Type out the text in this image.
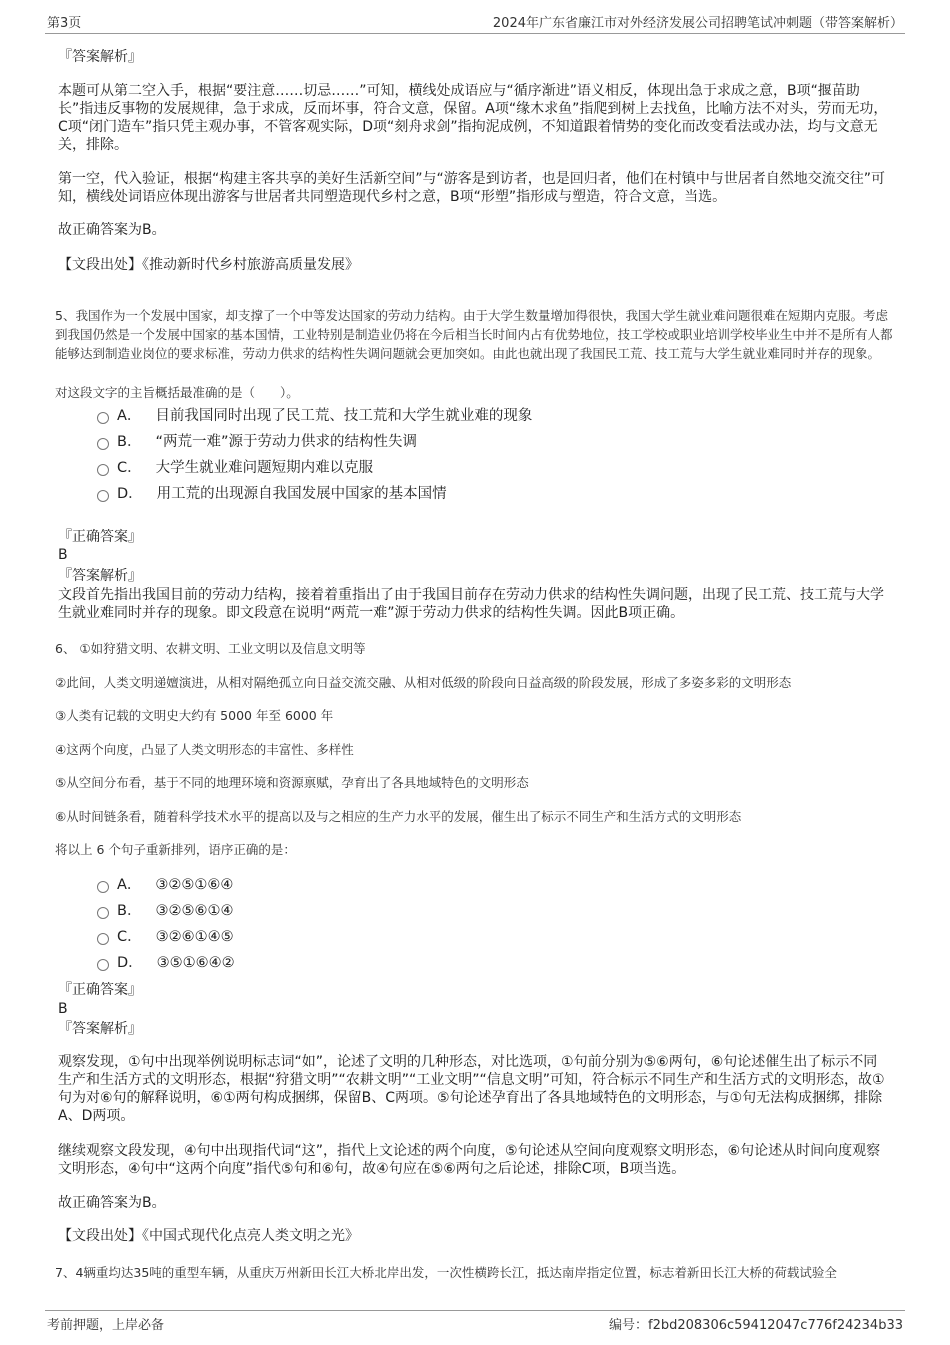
第3页	2024年广东省廉江市对外经济发展公司招聘笔试冲刺题（带答案解析）
『答案解析』

本题可从第二空入手，根据“要注意……切忌……”可知，横线处成语应与“循序渐进”语义相反，体现出急于求成之意，B项“揠苗助长”指违反事物的发展规律，急于求成，反而坏事，符合文意，保留。A项“缘木求鱼”指爬到树上去找鱼，比喻方法不对头，劳而无功，C项“闭门造车”指只凭主观办事，不管客观实际，D项“刻舟求剑”指拘泥成例，不知道跟着情势的变化而改变看法或办法，均与文意无关，排除。

第一空，代入验证，根据“构建主客共享的美好生活新空间”与“游客是到访者，也是回归者，他们在村镇中与世居者自然地交流交往”可知，横线处词语应体现出游客与世居者共同塑造现代乡村之意，B项“形塑”指形成与塑造，符合文意，当选。

故正确答案为B。

【文段出处】《推动新时代乡村旅游高质量发展》

5、我国作为一个发展中国家，却支撑了一个中等发达国家的劳动力结构。由于大学生数量增加得很快，我国大学生就业难问题很难在短期内克服。考虑到我国仍然是一个发展中国家的基本国情，工业特别是制造业仍将在今后相当长时间内占有优势地位，技工学校或职业培训学校毕业生中并不是所有人都能够达到制造业岗位的要求标准，劳动力供求的结构性失调问题就会更加突如。由此也就出现了我国民工荒、技工荒与大学生就业难同时并存的现象。

对这段文字的主旨概括最准确的是（　　）。

A． 目前我国同时出现了民工荒、技工荒和大学生就业难的现象
B． “两荒一难”源于劳动力供求的结构性失调
C． 大学生就业难问题短期内难以克服
D． 用工荒的出现源自我国发展中国家的基本国情
『正确答案』
B
『答案解析』

文段首先指出我国目前的劳动力结构，接着着重指出了由于我国目前存在劳动力供求的结构性失调问题，出现了民工荒、技工荒与大学生就业难同时并存的现象。即文段意在说明“两荒一难”源于劳动力供求的结构性失调。因此B项正确。

6、 ①如狩猎文明、农耕文明、工业文明以及信息文明等

②此间，人类文明递嬗演进，从相对隔绝孤立向日益交流交融、从相对低级的阶段向日益高级的阶段发展，形成了多姿多彩的文明形态

③人类有记载的文明史大约有 5000 年至 6000 年

④这两个向度，凸显了人类文明形态的丰富性、多样性

⑤从空间分布看，基于不同的地理环境和资源禀赋，孕育出了各具地域特色的文明形态

⑥从时间链条看，随着科学技术水平的提高以及与之相应的生产力水平的发展，催生出了标示不同生产和生活方式的文明形态

将以上 6 个句子重新排列，语序正确的是：

A． ③②⑤①⑥④
B． ③②⑤⑥①④
C． ③②⑥①④⑤
D． ③⑤①⑥④②
『正确答案』
B
『答案解析』

观察发现，①句中出现举例说明标志词“如”，论述了文明的几种形态，对比选项，①句前分别为⑤⑥两句，⑥句论述催生出了标示不同生产和生活方式的文明形态，根据“狩猎文明”“农耕文明”“工业文明”“信息文明”可知，符合标示不同生产和生活方式的文明形态，故①句为对⑥句的解释说明，⑥①两句构成捆绑，保留B、C两项。⑤句论述孕育出了各具地域特色的文明形态，与①句无法构成捆绑，排除A、D两项。

继续观察文段发现，④句中出现指代词“这”，指代上文论述的两个向度，⑤句论述从空间向度观察文明形态，⑥句论述从时间向度观察文明形态，④句中“这两个向度”指代⑤句和⑥句，故④句应在⑤⑥两句之后论述，排除C项，B项当选。

故正确答案为B。

【文段出处】《中国式现代化点亮人类文明之光》

7、4辆重均达35吨的重型车辆，从重庆万州新田长江大桥北岸出发，一次性横跨长江，抵达南岸指定位置，标志着新田长江大桥的荷载试验全

考前押题，上岸必备	编号：f2bd208306c59412047c776f24234b33
